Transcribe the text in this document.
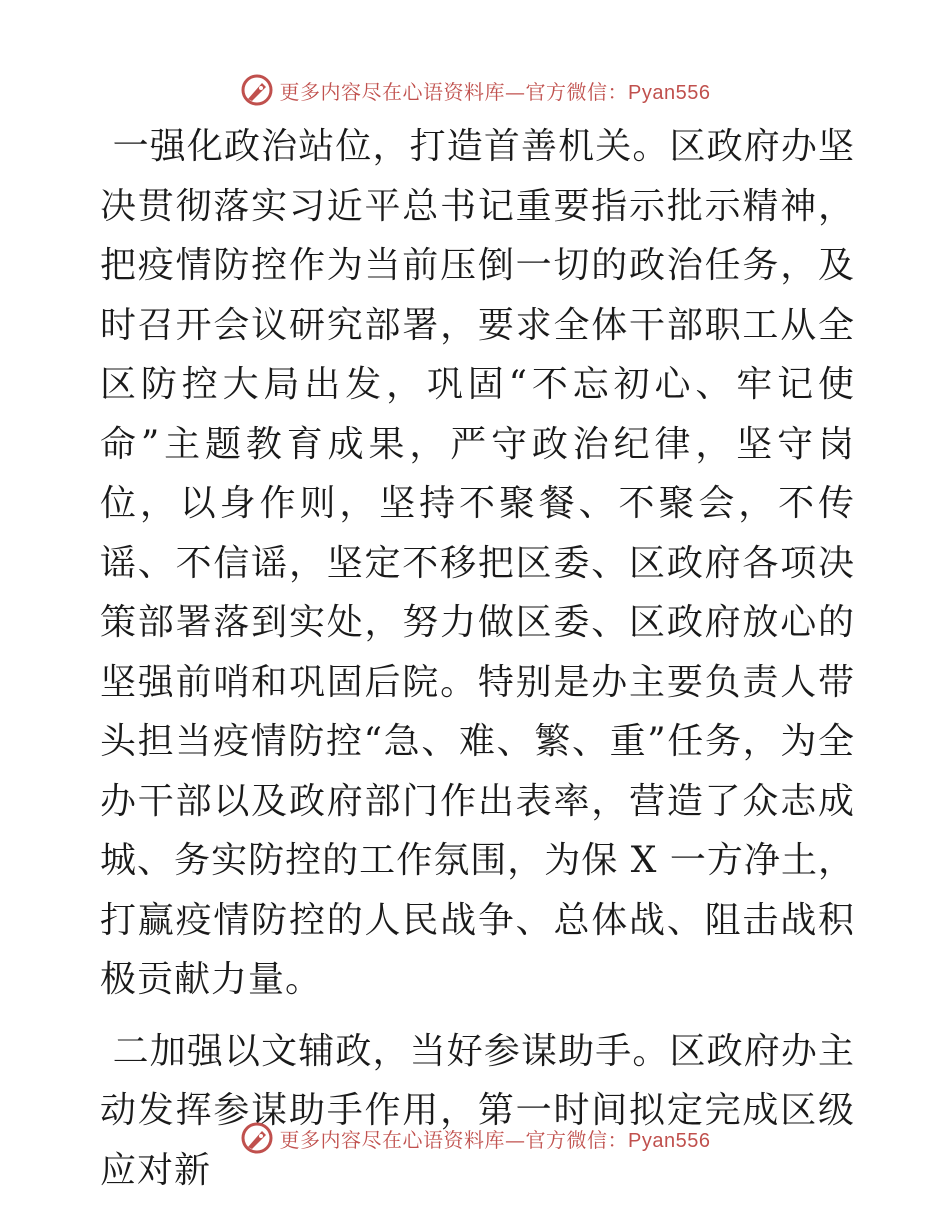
更多内容尽在心语资料库—官方微信：Pyan556

一强化政治站位，打造首善机关。区政府办坚决贯彻落实习近平总书记重要指示批示精神，把疫情防控作为当前压倒一切的政治任务，及时召开会议研究部署，要求全体干部职工从全区防控大局出发，巩固“不忘初心、牢记使命”主题教育成果，严守政治纪律，坚守岗位，以身作则，坚持不聚餐、不聚会，不传谣、不信谣，坚定不移把区委、区政府各项决策部署落到实处，努力做区委、区政府放心的坚强前哨和巩固后院。特别是办主要负责人带头担当疫情防控“急、难、繁、重”任务，为全办干部以及政府部门作出表率，营造了众志成城、务实防控的工作氛围，为保 X 一方净土，打赢疫情防控的人民战争、总体战、阻击战积极贡献力量。

二加强以文辅政，当好参谋助手。区政府办主动发挥参谋助手作用，第一时间拟定完成区级应对新

更多内容尽在心语资料库—官方微信：Pyan556
